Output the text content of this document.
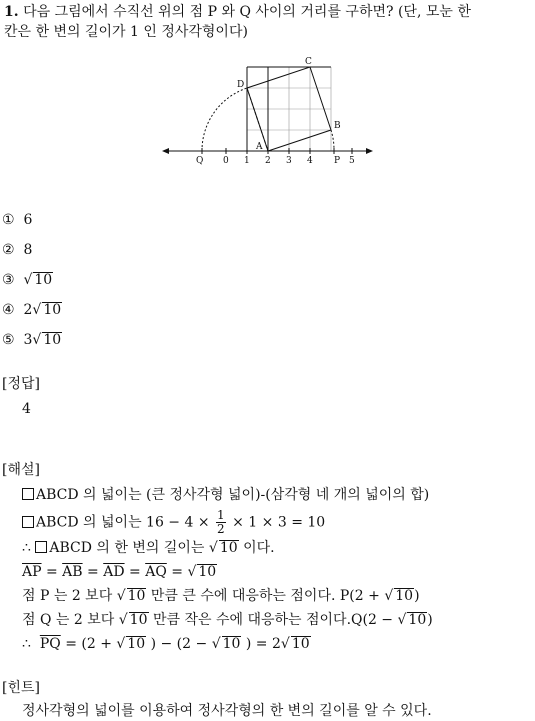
1. 다음 그림에서 수직선 위의 점 P 와 Q 사이의 거리를 구하면? (단, 모눈 한
칸은 한 변의 길이가 1 인 정사각형이다)
Q 0 1 2 3 4 P 5
A
B
C
D
① 6
② 8
③ √ 10
④ 2√ 10
⑤ 3√ 10
[정답]
4
[해설]
ABCD 의 넓이는 (큰 정사각형 넓이)-(삼각형 네 개의 넓이의 합)
ABCD 의 넓이는 $16 - 4 \times \frac{1}{2} \times 1 \times 3 = 10$
∴ ABCD 의 한 변의 길이는 √ 10 이다.
$\overline{AP} = \overline{AB} = \overline{AD} = \overline{AQ}$ = √ 10
점 P 는 2 보다 √ 10 만큼 큰 수에 대응하는 점이다. P(2 + √ 10)
점 Q 는 2 보다 √ 10 만큼 작은 수에 대응하는 점이다.Q(2 − √ 10)
∴ $\overline{PQ} = (2$ + √ 10 ) − (2 − √ 10 ) = 2√ 10
[힌트]
정사각형의 넓이를 이용하여 정사각형의 한 변의 길이를 알 수 있다.
